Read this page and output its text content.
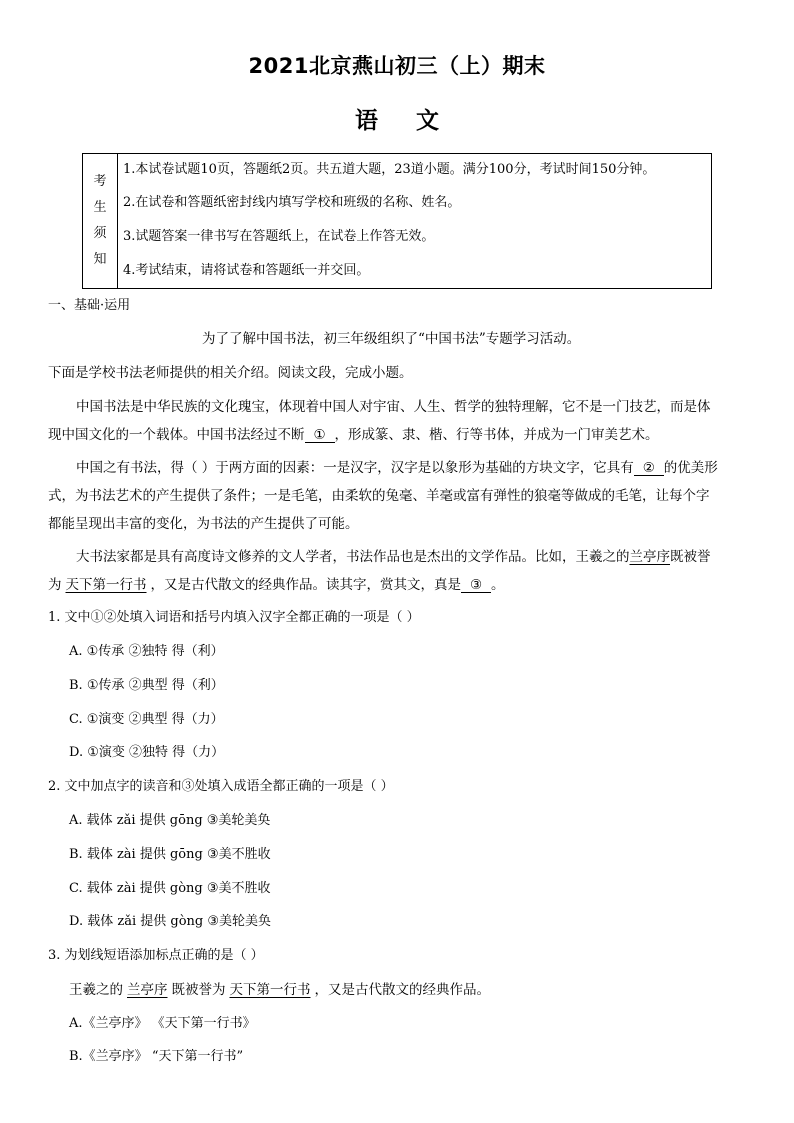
2021北京燕山初三（上）期末
语 文
考
生
须
知
1.本试卷试题10页，答题纸2页。共五道大题，23道小题。满分100分，考试时间150分钟。
2.在试卷和答题纸密封线内填写学校和班级的名称、姓名。
3.试题答案一律书写在答题纸上，在试卷上作答无效。
4.考试结束，请将试卷和答题纸一并交回。
一、基础·运用
为了了解中国书法，初三年级组织了“中国书法”专题学习活动。
下面是学校书法老师提供的相关介绍。阅读文段，完成小题。
中国书法是中华民族的文化瑰宝，体现着中国人对宇宙、人生、哲学的独特理解，它不是一门技艺，而是体
现中国文化的一个载体。中国书法经过不断 ① ，形成篆、隶、楷、行等书体，并成为一门审美艺术。
中国之有书法，得（ ）于两方面的因素：一是汉字，汉字是以象形为基础的方块文字，它具有 ② 的优美形
式，为书法艺术的产生提供了条件；一是毛笔，由柔软的兔毫、羊毫或富有弹性的狼毫等做成的毛笔，让每个字
都能呈现出丰富的变化，为书法的产生提供了可能。
大书法家都是具有高度诗文修养的文人学者，书法作品也是杰出的文学作品。比如，王羲之的兰亭序既被誉
为 天下第一行书 ，又是古代散文的经典作品。读其字，赏其文，真是 ③ 。
1. 文中①②处填入词语和括号内填入汉字全都正确的一项是（ ）
A. ①传承 ②独特 得（利）
B. ①传承 ②典型 得（利）
C. ①演变 ②典型 得（力）
D. ①演变 ②独特 得（力）
2. 文中加点字的读音和③处填入成语全都正确的一项是（ ）
A. 载体 zǎi 提供 gōng ③美轮美奂
B. 载体 zài 提供 gōng ③美不胜收
C. 载体 zài 提供 gòng ③美不胜收
D. 载体 zǎi 提供 gòng ③美轮美奂
3. 为划线短语添加标点正确的是（ ）
王羲之的 兰亭序 既被誉为 天下第一行书 ，又是古代散文的经典作品。
A.《兰亭序》 《天下第一行书》
B.《兰亭序》 “天下第一行书”
